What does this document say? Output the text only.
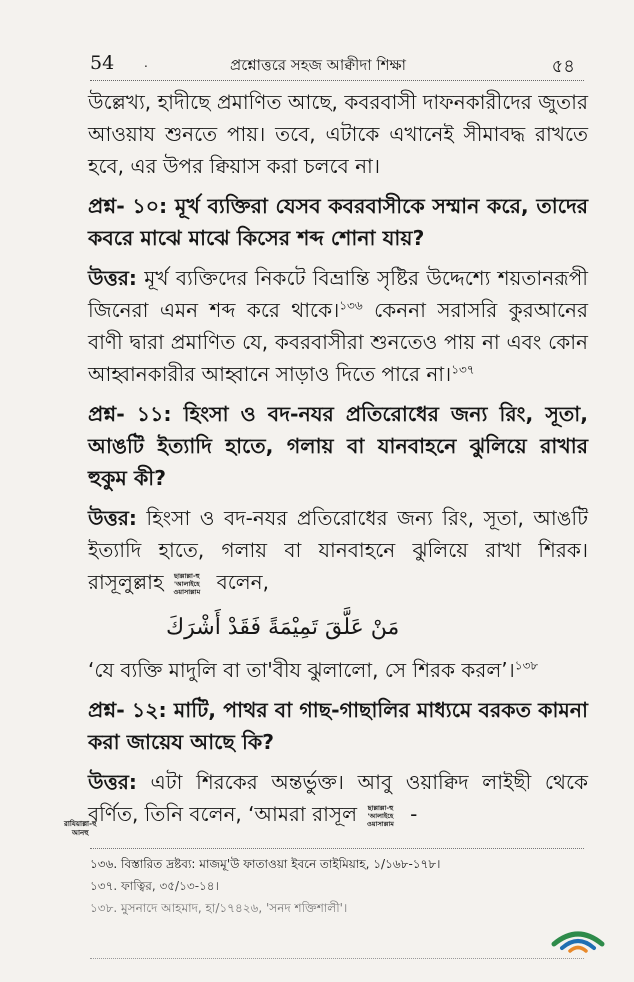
54 .	প্রশ্নোত্তরে সহজ আক্বীদা শিক্ষা	৫৪

উল্লেখ্য, হাদীছে প্রমাণিত আছে, কবরবাসী দাফনকারীদের জুতার আওয়ায শুনতে পায়। তবে, এটাকে এখানেই সীমাবদ্ধ রাখতে হবে, এর উপর ক্বিয়াস করা চলবে না।

প্রশ্ন- ১০: মূর্খ ব্যক্তিরা যেসব কবরবাসীকে সম্মান করে, তাদের কবরে মাঝে মাঝে কিসের শব্দ শোনা যায়?

উত্তর: মূর্খ ব্যক্তিদের নিকটে বিভ্রান্তি সৃষ্টির উদ্দেশ্যে শয়তানরূপী জিনেরা এমন শব্দ করে থাকে।$^{১৩৬}$ কেননা সরাসরি কুরআনের বাণী দ্বারা প্রমাণিত যে, কবরবাসীরা শুনতেও পায় না এবং কোন আহ্বানকারীর আহ্বানে সাড়াও দিতে পারে না।$^{১৩৭}$

প্রশ্ন- ১১: হিংসা ও বদ-নযর প্রতিরোধের জন্য রিং, সূতা, আঙটি ইত্যাদি হাতে, গলায় বা যানবাহনে ঝুলিয়ে রাখার হুকুম কী?

উত্তর: হিংসা ও বদ-নযর প্রতিরোধের জন্য রিং, সূতা, আঙটি ইত্যাদি হাতে, গলায় বা যানবাহনে ঝুলিয়ে রাখা শিরক। রাসূলুল্লাহ ছাল্লাল্লা-হু
'আলাইহে
ওয়াসাল্লাম বলেন,

مَنْ عَلَّقَ تَمِيْمَةً فَقَدْ أَشْرَكَ

‘যে ব্যক্তি মাদুলি বা তা'বীয ঝুলালো, সে শিরক করল’।$^{১৩৮}$

প্রশ্ন- ১২: মাটি, পাথর বা গাছ-গাছালির মাধ্যমে বরকত কামনা করা জায়েয আছে কি?

উত্তর: এটা শিরকের অন্তর্ভুক্ত। আবু ওয়াক্বিদ লাইছী থেকে বর্ণিত, তিনি বলেন, ‘আমরা রাসূল ছাল্লাল্লা-হু
'আলাইহে
ওয়াসাল্লাম -

রাযিয়াল্লা-হু
আনহু
১৩৬. বিস্তারিত দ্রষ্টব্য: মাজমূ'উ ফাতাওয়া ইবনে তাইমিয়াহ, ১/১৬৮-১৭৮।
১৩৭. ফাত্বির, ৩৫/১৩-১৪।
১৩৮. মুসনাদে আহমাদ, হা/১৭৪২৬, 'সনদ শক্তিশালী'।
